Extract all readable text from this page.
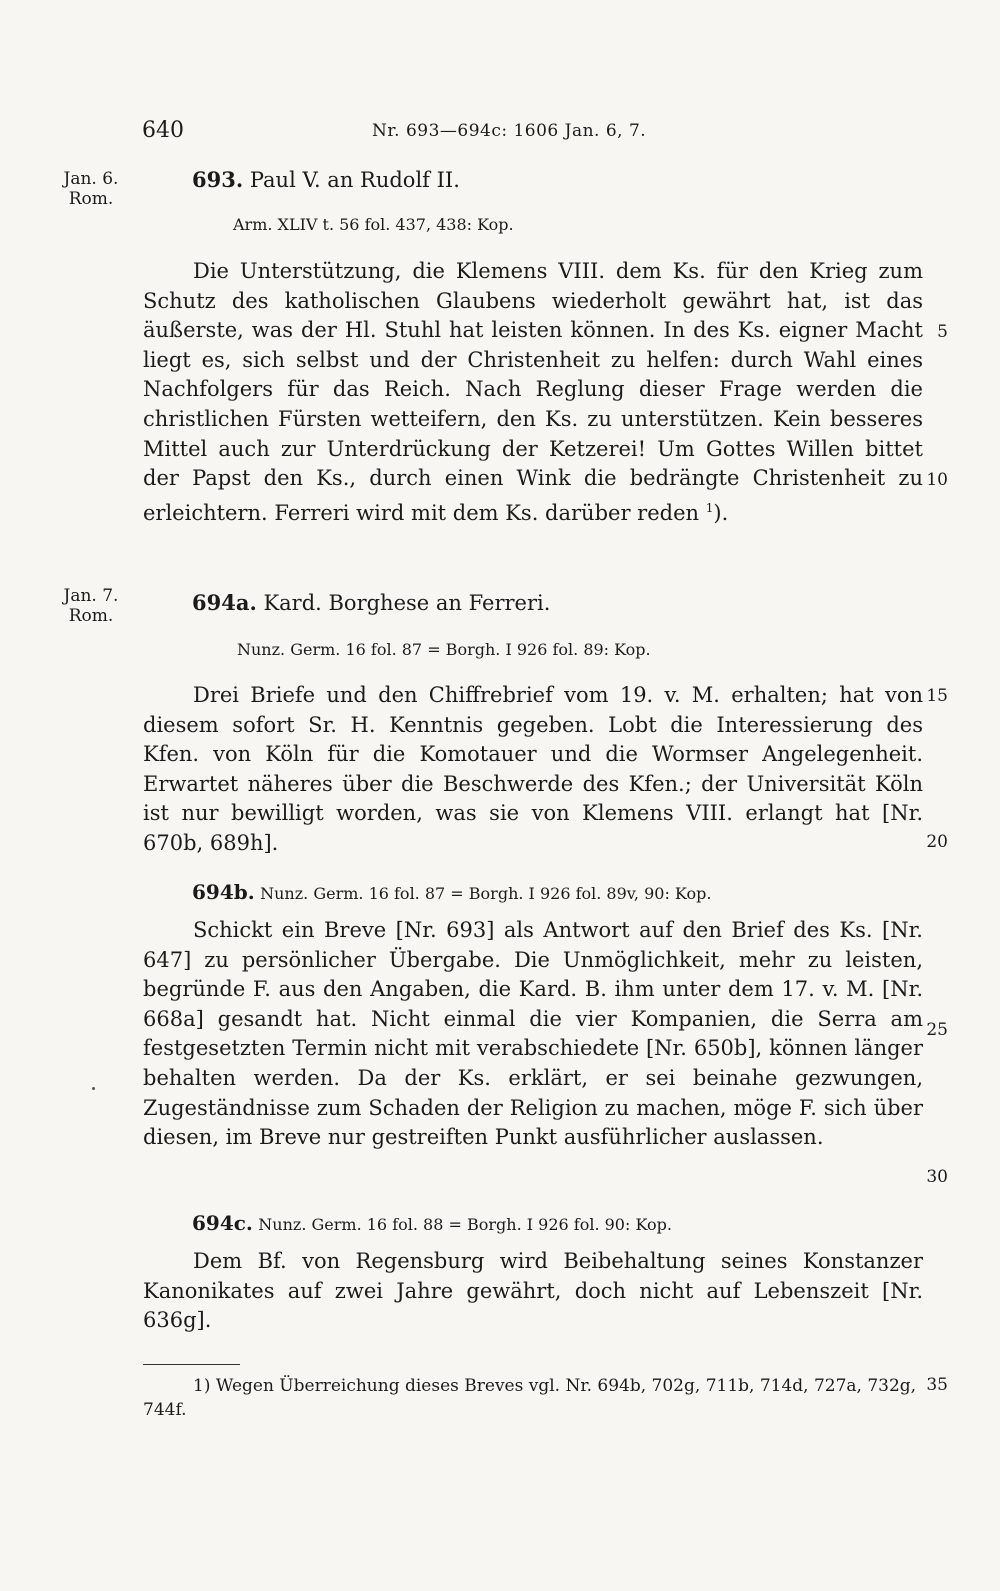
640	Nr. 693—694c: 1606 Jan. 6, 7.
Jan. 6.
Rom.
Jan. 7.
Rom.
5
10
15
20
25
30
35
693. Paul V. an Rudolf II.
Arm. XLIV t. 56 fol. 437, 438: Kop.
Die Unterstützung, die Klemens VIII. dem Ks. für den Krieg zum Schutz des katholischen Glaubens wiederholt gewährt hat, ist das äußerste, was der Hl. Stuhl hat leisten können. In des Ks. eigner Macht liegt es, sich selbst und der Christenheit zu helfen: durch Wahl eines Nachfolgers für das Reich. Nach Reglung dieser Frage werden die christlichen Fürsten wetteifern, den Ks. zu unterstützen. Kein besseres Mittel auch zur Unterdrückung der Ketzerei! Um Gottes Willen bittet der Papst den Ks., durch einen Wink die bedrängte Christenheit zu erleichtern. Ferreri wird mit dem Ks. darüber reden $^1$).
694a. Kard. Borghese an Ferreri.
Nunz. Germ. 16 fol. 87 = Borgh. I 926 fol. 89: Kop.
Drei Briefe und den Chiffrebrief vom 19. v. M. erhalten; hat von diesem sofort Sr. H. Kenntnis gegeben. Lobt die Interessierung des Kfen. von Köln für die Komotauer und die Wormser Angelegenheit. Erwartet näheres über die Beschwerde des Kfen.; der Universität Köln ist nur bewilligt worden, was sie von Klemens VIII. erlangt hat [Nr. 670b, 689h].
694b. Nunz. Germ. 16 fol. 87 = Borgh. I 926 fol. 89v, 90: Kop.
Schickt ein Breve [Nr. 693] als Antwort auf den Brief des Ks. [Nr. 647] zu persönlicher Übergabe. Die Unmöglichkeit, mehr zu leisten, begründe F. aus den Angaben, die Kard. B. ihm unter dem 17. v. M. [Nr. 668a] gesandt hat. Nicht einmal die vier Kompanien, die Serra am festgesetzten Termin nicht mit verabschiedete [Nr. 650b], können länger behalten werden. Da der Ks. erklärt, er sei beinahe gezwungen, Zugeständnisse zum Schaden der Religion zu machen, möge F. sich über diesen, im Breve nur gestreiften Punkt ausführlicher auslassen.
694c. Nunz. Germ. 16 fol. 88 = Borgh. I 926 fol. 90: Kop.
Dem Bf. von Regensburg wird Beibehaltung seines Konstanzer Kanonikates auf zwei Jahre gewährt, doch nicht auf Lebenszeit [Nr. 636g].
1) Wegen Überreichung dieses Breves vgl. Nr. 694b, 702g, 711b, 714d, 727a, 732g, 744f.
